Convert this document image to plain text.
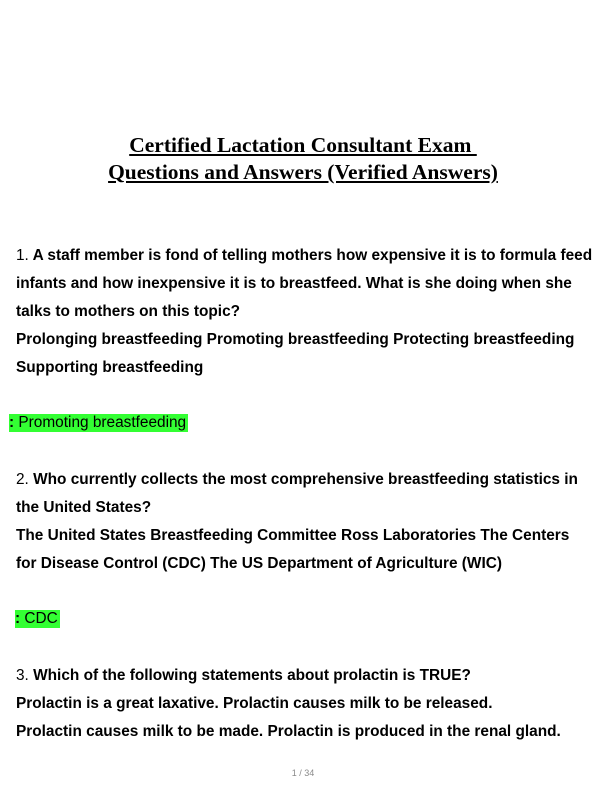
Certified Lactation Consultant Exam
Questions and Answers (Verified Answers)
1. A staff member is fond of telling mothers how expensive it is to formula feed
infants and how inexpensive it is to breastfeed. What is she doing when she
talks to mothers on this topic?
Prolonging breastfeeding Promoting breastfeeding Protecting breastfeeding
Supporting breastfeeding
: Promoting breastfeeding
2. Who currently collects the most comprehensive breastfeeding statistics in
the United States?
The United States Breastfeeding Committee Ross Laboratories The Centers
for Disease Control (CDC) The US Department of Agriculture (WIC)
: CDC
3. Which of the following statements about prolactin is TRUE?
Prolactin is a great laxative. Prolactin causes milk to be released.
Prolactin causes milk to be made. Prolactin is produced in the renal gland.
1 / 34
